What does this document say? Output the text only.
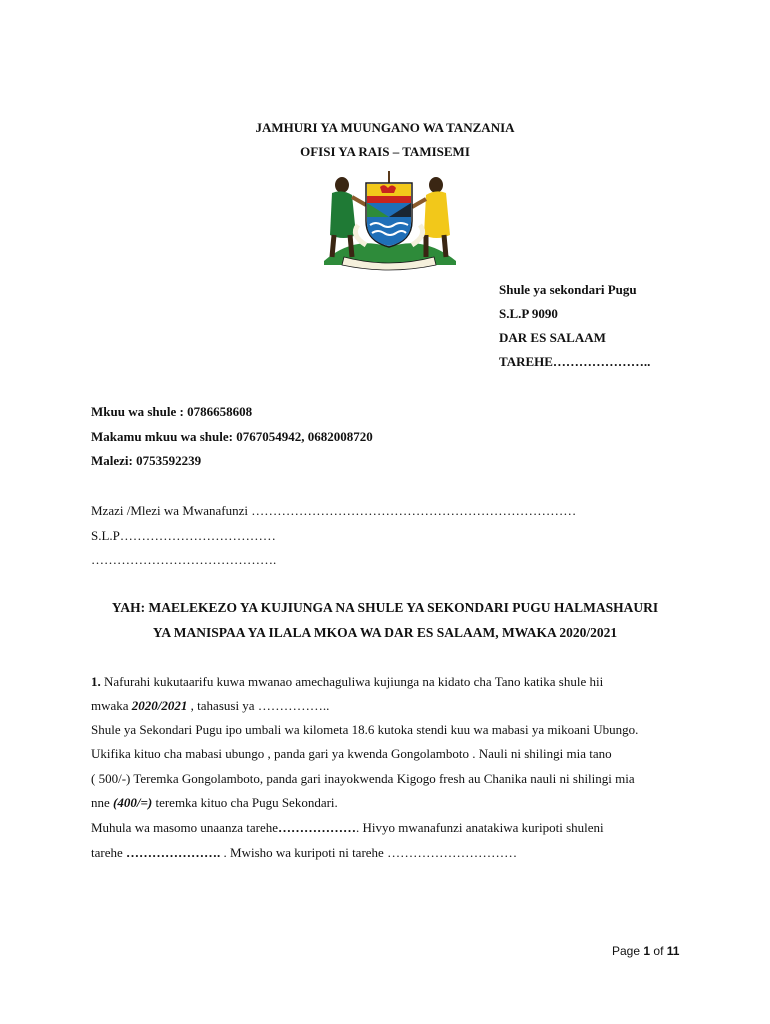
JAMHURI YA MUUNGANO WA TANZANIA
OFISI YA RAIS – TAMISEMI
Shule ya sekondari Pugu
S.L.P 9090
DAR ES SALAAM
TAREHE…………………..
Mkuu wa shule : 0786658608
Makamu mkuu wa shule: 0767054942, 0682008720
Malezi: 0753592239
Mzazi /Mlezi wa Mwanafunzi …………………………………………………………………
S.L.P………………………………
…………………………………….
YAH: MAELEKEZO YA KUJIUNGA NA SHULE YA SEKONDARI PUGU HALMASHAURI
YA MANISPAA YA ILALA MKOA WA DAR ES SALAAM, MWAKA 2020/2021
1. Nafurahi kukutaarifu kuwa mwanao amechaguliwa kujiunga na kidato cha Tano katika shule hii
mwaka 2020/2021 , tahasusi ya ……………..
Shule ya Sekondari Pugu ipo umbali wa kilometa 18.6 kutoka stendi kuu wa mabasi ya mikoani Ubungo.
Ukifika kituo cha mabasi ubungo , panda gari ya kwenda Gongolamboto . Nauli ni shilingi mia tano
( 500/-) Teremka Gongolamboto, panda gari inayokwenda Kigogo fresh au Chanika nauli ni shilingi mia
nne (400/=) teremka kituo cha Pugu Sekondari.
Muhula wa masomo unaanza tarehe………………. Hivyo mwanafunzi anatakiwa kuripoti shuleni
tarehe …………………. . Mwisho wa kuripoti ni tarehe …………………………
Page 1 of 11
